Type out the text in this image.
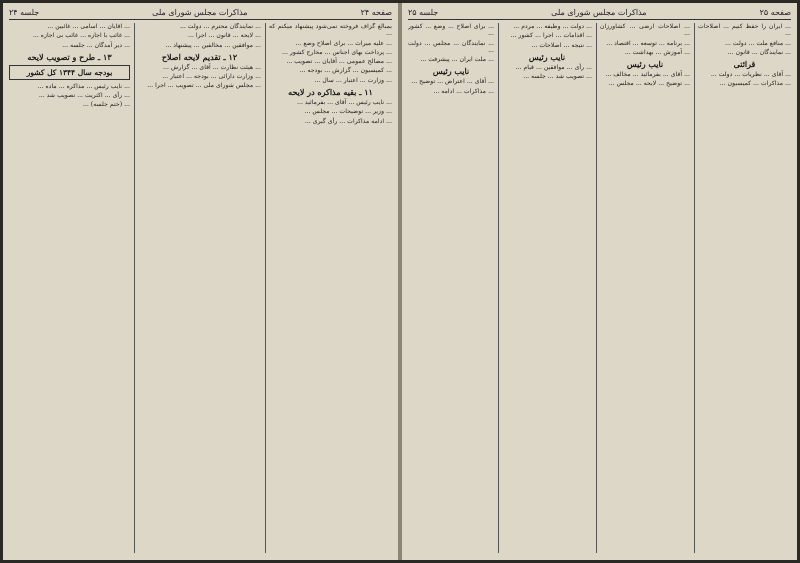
صفحه ۲۴
مذاکرات مجلس شورای ملی
جلسه ۲۴

بمبالغ گزاف فروخته نمی‌شود پیشنهاد میکنم که ...

... علیه میراث ... برای اصلاح وضع ...

... پرداخت بهای اجناس ... مخارج کشور ...

... مصالح عمومی ... آقایان ... تصویب ...

... کمیسیون ... گزارش ... بودجه ...

... وزارت ... اعتبار ... سال ...

۱۱ ـ بقیه مذاکره در لایحه

... نایب رئیس ... آقای ... بفرمائید ...

... وزیر ... توضیحات ... مجلس ...

... ادامه مذاکرات ... رأی گیری ...

... نمایندگان محترم ... دولت ...

... لایحه ... قانون ... اجرا ...

... موافقین ... مخالفین ... پیشنهاد ...

۱۲ ـ تقدیم لایحه اصلاح

... هیئت نظارت ... آقای ... گزارش ...

... وزارت دارائی ... بودجه ... اعتبار ...

... مجلس شورای ملی ... تصویب ... اجرا ...

... آقایان ... اسامی ... غائبین ...

... غائب با اجازه ... غائب بی اجازه ...

... دیر آمدگان ... جلسه ...

۱۳ ـ طرح و تصویب لایحه
بودجه سال ۱۳۴۴ کل کشور

... نایب رئیس ... مذاکره ... ماده ...

... رأی ... اکثریت ... تصویب شد ...

... (ختم جلسه) ...

صفحه ۲۵
مذاکرات مجلس شورای ملی
جلسه ۲۵

... ایران را حفظ کنیم ... اصلاحات ...

... منافع ملت ... دولت ...

... نمایندگان ... قانون ...

قرائتی

... آقای ... نظریات ... دولت ...

... مذاکرات ... کمیسیون ...

... اصلاحات ارضی ... کشاورزان ...

... برنامه ... توسعه ... اقتصاد ...

... آموزش ... بهداشت ...

نایب رئیس

... آقای ... بفرمائید ... مخالف ...

... توضیح ... لایحه ... مجلس ...

... دولت ... وظیفه ... مردم ...

... اقدامات ... اجرا ... کشور ...

... نتیجه ... اصلاحات ...

نایب رئیس

... رأی ... موافقین ... قیام ...

... تصویب شد ... جلسه ...

... برای اصلاح ... وضع ... کشور ...

... نمایندگان ... مجلس ... دولت ...

... ملت ایران ... پیشرفت ...

نایب رئیس

... آقای ... اعتراض ... توضیح ...

... مذاکرات ... ادامه ...
